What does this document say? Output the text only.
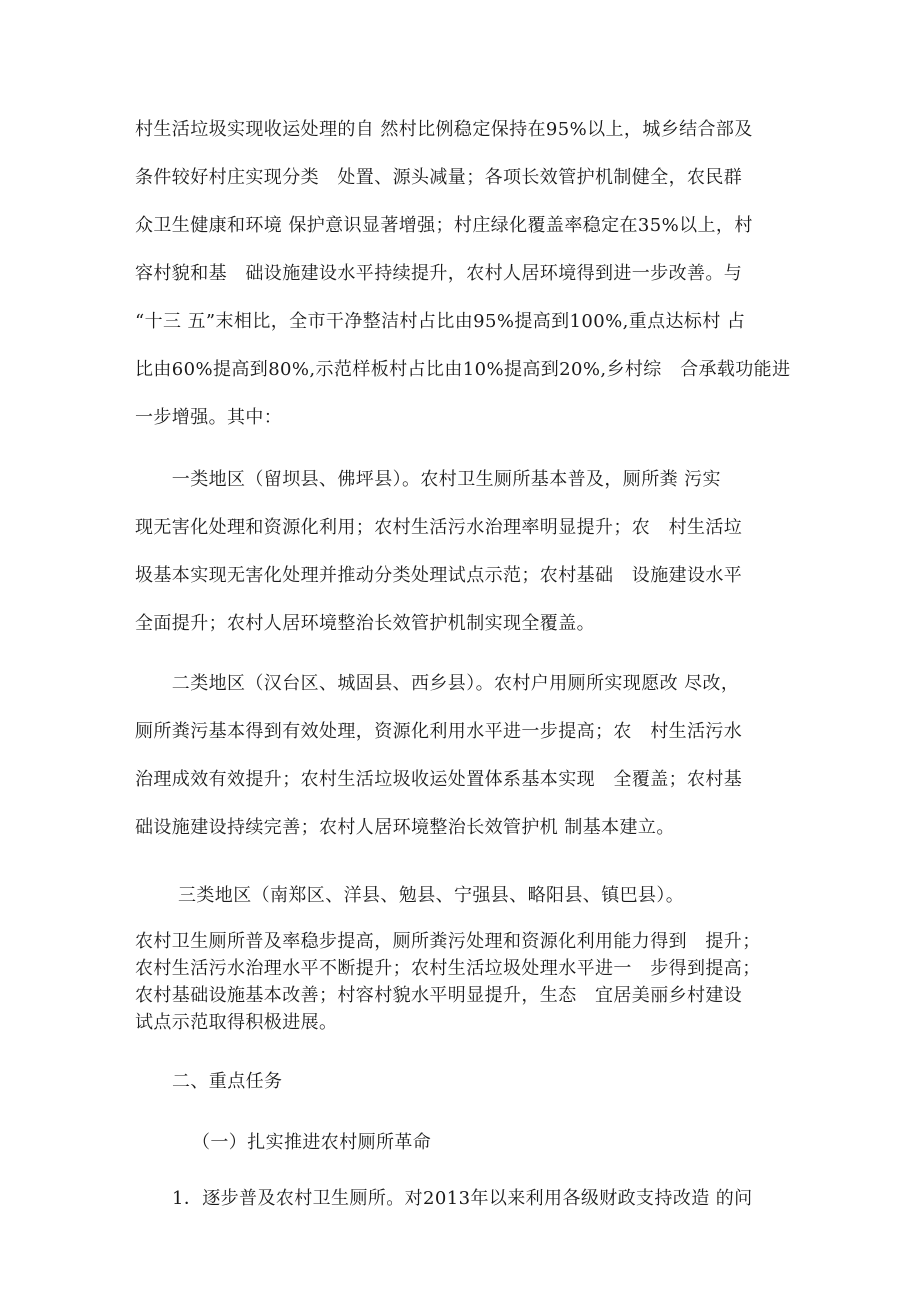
村生活垃圾实现收运处理的自 然村比例稳定保持在95%以上，城乡结合部及
条件较好村庄实现分类　处置、源头减量；各项长效管护机制健全，农民群
众卫生健康和环境 保护意识显著增强；村庄绿化覆盖率稳定在35%以上，村
容村貌和基　础设施建设水平持续提升，农村人居环境得到进一步改善。与
“十三 五”末相比，全市干净整洁村占比由95%提高到100%,重点达标村 占
比由60%提高到80%,示范样板村占比由10%提高到20%,乡村综　合承载功能进
一步增强。其中：
　　一类地区（留坝县、佛坪县）。农村卫生厕所基本普及，厕所粪 污实
现无害化处理和资源化利用；农村生活污水治理率明显提升；农　村生活垃
圾基本实现无害化处理并推动分类处理试点示范；农村基础　设施建设水平
全面提升；农村人居环境整治长效管护机制实现全覆盖。
　　二类地区（汉台区、城固县、西乡县）。农村户用厕所实现愿改 尽改，
厕所粪污基本得到有效处理，资源化利用水平进一步提高；农　村生活污水
治理成效有效提升；农村生活垃圾收运处置体系基本实现　全覆盖；农村基
础设施建设持续完善；农村人居环境整治长效管护机 制基本建立。

三类地区（南郑区、洋县、勉县、宁强县、略阳县、镇巴县）。

农村卫生厕所普及率稳步提高，厕所粪污处理和资源化利用能力得到　提升；
农村生活污水治理水平不断提升；农村生活垃圾处理水平进一　步得到提高；
农村基础设施基本改善；村容村貌水平明显提升，生态　宜居美丽乡村建设
试点示范取得积极进展。

二、重点任务

（一）扎实推进农村厕所革命

1．逐步普及农村卫生厕所。对2013年以来利用各级财政支持改造 的问
